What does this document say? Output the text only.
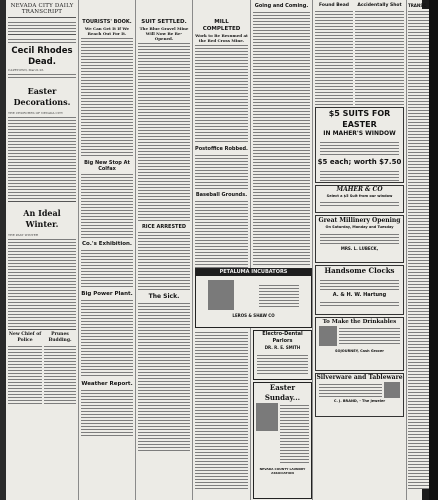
NEVADA CITY DAILY TRANSCRIPT
Cecil Rhodes Dead.
CAPETOWN, March 26.
Easter Decorations.
THE CHURCHES OF NEVADA CITY
An Ideal Winter.
THE PAST WINTER
New Chief of Police
Prunes Budding.
TOURISTS' BOOK.
We Can Get It If We Reach Out For It.
Big New Stop At Colfax
Co.'s Exhibition.
Big Power Plant.
Weather Report.
SUIT SETTLED.
The Blue Gravel Mine Will Now Be Re-Opened.
RICE ARRESTED
The Sick.
MILL COMPLETED
Work to Be Resumed at the Red Cross Mine.
Postoffice Robbed.
Baseball Grounds.
PETALUMA INCUBATORS
LEROS & SHAW CO
Going and Coming.
Electro-Dental Parlors
DR. R. E. SMITH
Easter Sunday...
NEVADA COUNTY LAUNDRY ASSOCIATION
Found Bead	Accidentally Shot
$5 SUITS FOR EASTER
IN MAHER'S WINDOW
$5 each; worth $7.50
MAHER & CO
Select a $5 Suit from our window
Great Millinery Opening
On Saturday, Monday and Tuesday
MRS. L. LUBECK,
Handsome Clocks
A. & H. W. Hartung
To Make the Drinkables
SOJOURNEY, Cash Grocer
Silverware and Tableware
C. J. BRAND, - The Jeweler
TRANSC
